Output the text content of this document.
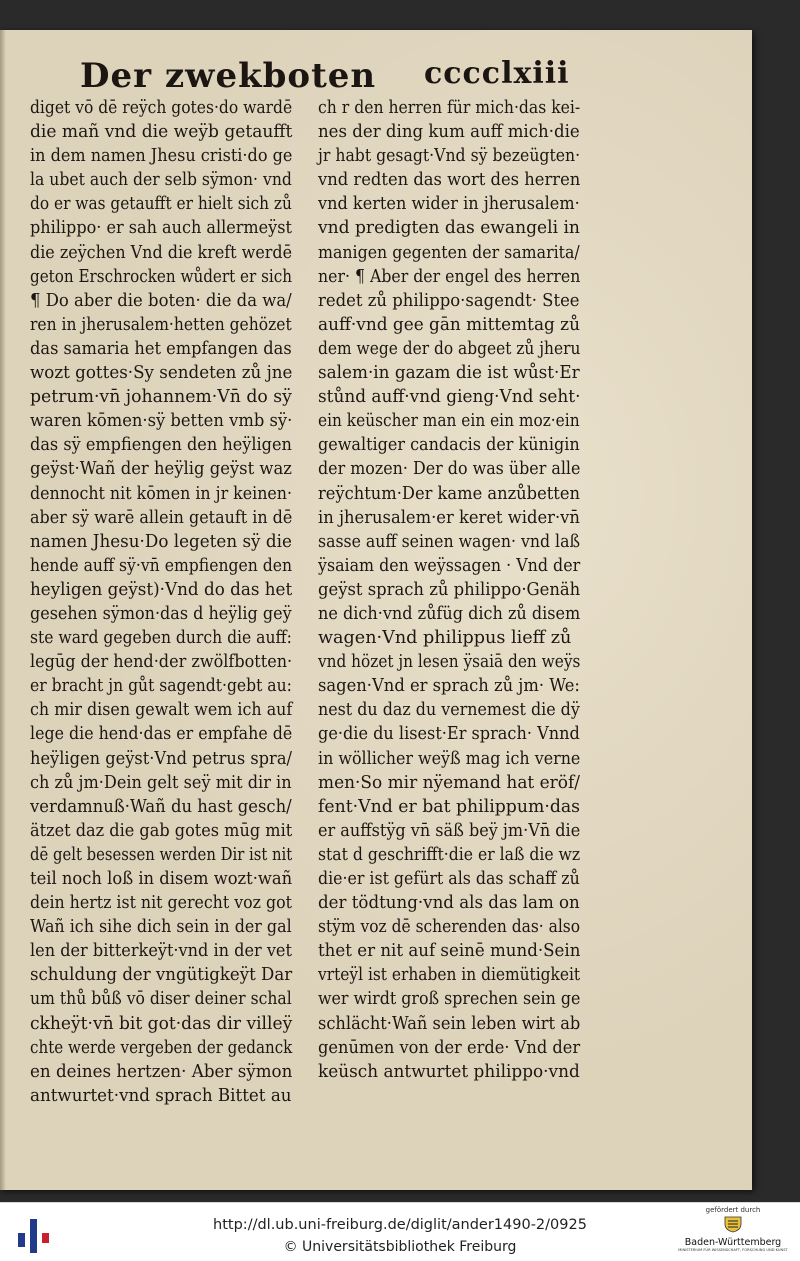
Der zwekboten cccclxiii
diget vō dē reÿch gotes·do wardē
die mañ vnd die weÿb getaufft
in dem namen Jhesu cristi·do ge
la ubet auch der selb sÿmon· vnd
do er was getaufft er hielt sich zů
philippo· er sah auch allermeÿst
die zeÿchen Vnd die kreft werdē
geton Erschrocken wůdert er sich
¶ Do aber die boten· die da wa/
ren in jherusalem·hetten gehözet
das samaria het empfangen das
wozt gottes·Sy sendeten zů jne
petrum·vn̄ johannem·Vn̄ do sÿ
waren kōmen·sÿ betten vmb sÿ·
das sÿ empfiengen den heÿligen
geÿst·Wañ der heÿlig geÿst waz
dennocht nit kōmen in jr keinen·
aber sÿ warē allein getauft in dē
namen Jhesu·Do legeten sÿ die
hende auff sÿ·vn̄ empfiengen den
heyligen geÿst)·Vnd do das het
gesehen sÿmon·das d heÿlig geÿ
ste ward gegeben durch die auff:
legūg der hend·der zwölfbotten·
er bracht jn gůt sagendt·gebt au:
ch mir disen gewalt wem ich auf
lege die hend·das er empfahe dē
heÿligen geÿst·Vnd petrus spra/
ch zů jm·Dein gelt seÿ mit dir in
verdamnuß·Wañ du hast gesch/
ätzet daz die gab gotes mūg mit
dē gelt besessen werden Dir ist nit
teil noch loß in disem wozt·wañ
dein hertz ist nit gerecht voz got
Wañ ich sihe dich sein in der gal
len der bitterkeÿt·vnd in der vet
schuldung der vngütigkeÿt Dar
um thů bůß vō diser deiner schal
ckheÿt·vn̄ bit got·das dir villeÿ
chte werde vergeben der gedanck
en deines hertzen· Aber sÿmon
antwurtet·vnd sprach Bittet au
ch r den herren für mich·das kei-
nes der ding kum auff mich·die
jr habt gesagt·Vnd sÿ bezeügten·
vnd redten das wort des herren
vnd kerten wider in jherusalem·
vnd predigten das ewangeli in
manigen gegenten der samarita/
ner· ¶ Aber der engel des herren
redet zů philippo·sagendt· Stee
auff·vnd gee gān mittemtag zů
dem wege der do abgeet zů jheru
salem·in gazam die ist wůst·Er
stůnd auff·vnd gieng·Vnd seht·
ein keüscher man ein ein moz·ein
gewaltiger candacis der künigin
der mozen· Der do was über alle
reÿchtum·Der kame anzůbetten
in jherusalem·er keret wider·vn̄
sasse auff seinen wagen· vnd laß
ÿsaiam den weÿssagen · Vnd der
geÿst sprach zů philippo·Genäh
ne dich·vnd zůfüg dich zů disem
wagen·Vnd philippus lieff zů
vnd hözet jn lesen ÿsaiā den weÿs
sagen·Vnd er sprach zů jm· We:
nest du daz du vernemest die dÿ
ge·die du lisest·Er sprach· Vnnd
in wöllicher weÿß mag ich verne
men·So mir nÿemand hat eröf/
fent·Vnd er bat philippum·das
er auffstÿg vn̄ säß beÿ jm·Vn̄ die
stat d geschrifft·die er laß die wz
die·er ist gefürt als das schaff zů
der tödtung·vnd als das lam on
stÿm voz dē scherenden das· also
thet er nit auf seinē mund·Sein
vrteÿl ist erhaben in diemütigkeit
wer wirdt groß sprechen sein ge
schlächt·Wañ sein leben wirt ab
genūmen von der erde· Vnd der
keüsch antwurtet philippo·vnd
http://dl.ub.uni-freiburg.de/diglit/ander1490-2/0925
© Universitätsbibliothek Freiburg
gefördert durch
Baden-Württemberg
MINISTERIUM FÜR WISSENSCHAFT, FORSCHUNG UND KUNST
